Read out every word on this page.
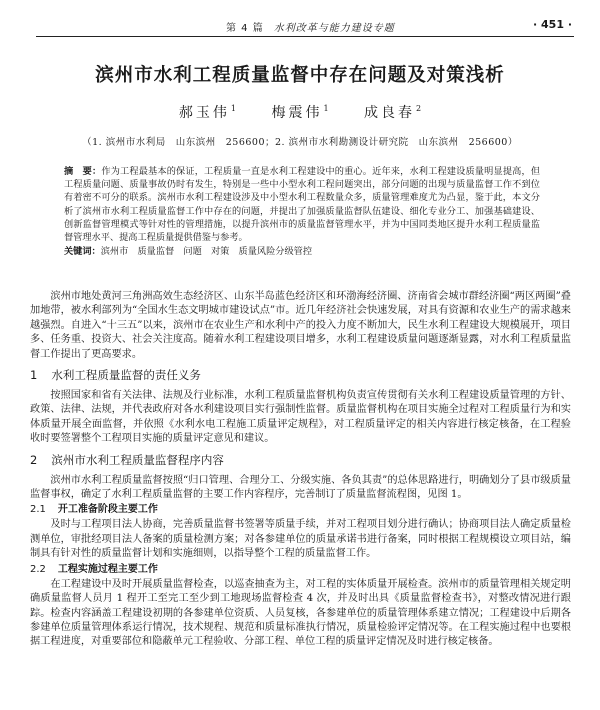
第 4 篇 水利改革与能力建设专题	· 451 ·
滨州市水利工程质量监督中存在问题及对策浅析
郝玉伟$^1$	梅震伟$^1$	成良春$^2$
（1. 滨州市水利局　山东滨州　256600；2. 滨州市水利勘测设计研究院　山东滨州　256600）
摘　要：作为工程最基本的保证，工程质量一直是水利工程建设中的重心。近年来，水利工程建设质量明显提高，但工程质量问题、质量事故仍时有发生，特别是一些中小型水利工程问题突出，部分问题的出现与质量监督工作不到位有着密不可分的联系。滨州市水利工程建设涉及中小型水利工程数量众多，质量管理难度尤为凸显，鉴于此，本文分析了滨州市水利工程质量监督工作中存在的问题，并提出了加强质量监督队伍建设、细化专业分工、加强基础建设、创新监督管理模式等针对性的管理措施，以提升滨州市的质量监督管理水平，并为中国同类地区提升水利工程质量监督管理水平、提高工程质量提供借鉴与参考。
关键词：滨州市　质量监督　问题　对策　质量风险分级管控

滨州市地处黄河三角洲高效生态经济区、山东半岛蓝色经济区和环渤海经济圈、济南省会城市群经济圈“两区两圈”叠加地带，被水利部列为“全国水生态文明城市建设试点”市。近几年经济社会快速发展，对具有资源和农业生产的需求越来越强烈。自进入“十三五”以来，滨州市在农业生产和水利中产的投入力度不断加大，民生水利工程建设大规模展开，项目多、任务重、投资大、社会关注度高。随着水利工程建设项目增多，水利工程建设质量问题逐渐显露，对水利工程质量监督工作提出了更高要求。

1 水利工程质量监督的责任义务

按照国家和省有关法律、法规及行业标准，水利工程质量监督机构负责宣传贯彻有关水利工程建设质量管理的方针、政策、法律、法规，并代表政府对各水利建设项目实行强制性监督。质量监督机构在项目实施全过程对工程质量行为和实体质量开展全面监督，并依照《水利水电工程施工质量评定规程》，对工程质量评定的相关内容进行核定核备，在工程验收时要签署整个工程项目实施的质量评定意见和建议。

2 滨州市水利工程质量监督程序内容

滨州市水利工程质量监督按照“归口管理、合理分工、分级实施、各负其责”的总体思路进行，明确划分了县市级质量监督事权，确定了水利工程质量监督的主要工作内容程序，完善制订了质量监督流程图，见图 1。

2.1 开工准备阶段主要工作

及时与工程项目法人协商，完善质量监督书签署等质量手续，并对工程项目划分进行确认；协商项目法人确定质量检测单位，审批经项目法人备案的质量检测方案；对各参建单位的质量承诺书进行备案，同时根据工程规模设立项目站，编制具有针对性的质量监督计划和实施细则，以指导整个工程的质量监督工作。

2.2 工程实施过程主要工作

在工程建设中及时开展质量监督检查，以巡查抽查为主，对工程的实体质量开展检查。滨州市的质量管理相关规定明确质量监督人员月 1 程开工至完工至少到工地现场监督检查 4 次，并及时出具《质量监督检查书》，对整改情况进行跟踪。检查内容涵盖工程建设初期的各参建单位资质、人员复核，各参建单位的质量管理体系建立情况；工程建设中后期各参建单位质量管理体系运行情况，技术规程、规范和质量标准执行情况，质量检验评定情况等。在工程实施过程中也要根据工程进度，对重要部位和隐蔽单元工程验收、分部工程、单位工程的质量评定情况及时进行核定核备。
